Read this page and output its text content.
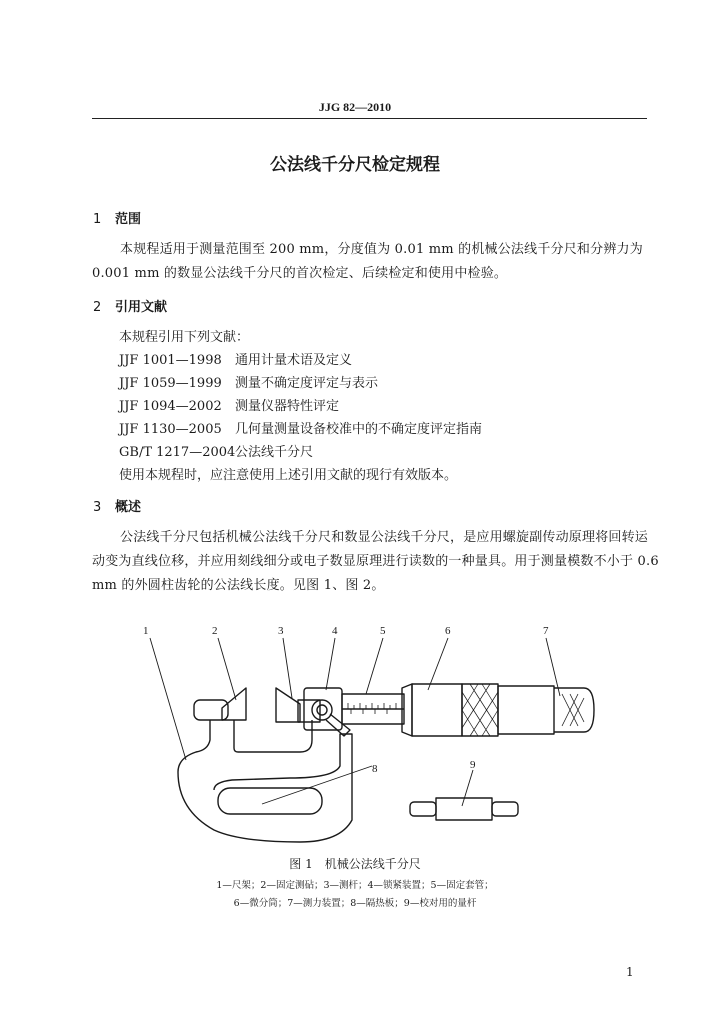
JJG 82—2010
公法线千分尺检定规程
1 范围
本规程适用于测量范围至 200 mm，分度值为 0.01 mm 的机械公法线千分尺和分辨力为 0.001 mm 的数显公法线千分尺的首次检定、后续检定和使用中检验。
2 引用文献
本规程引用下列文献：
JJF 1001—1998 通用计量术语及定义
JJF 1059—1999 测量不确定度评定与表示
JJF 1094—2002 测量仪器特性评定
JJF 1130—2005 几何量测量设备校准中的不确定度评定指南
GB/T 1217—2004公法线千分尺
使用本规程时，应注意使用上述引用文献的现行有效版本。
3 概述
公法线千分尺包括机械公法线千分尺和数显公法线千分尺，是应用螺旋副传动原理将回转运动变为直线位移，并应用刻线细分或电子数显原理进行读数的一种量具。用于测量模数不小于 0.6 mm 的外圆柱齿轮的公法线长度。见图 1、图 2。
1	2	3	4	5	6	7
8	9
图 1　机械公法线千分尺
1—尺架；2—固定测砧；3—测杆；4—锁紧装置；5—固定套管；
6—微分筒；7—测力装置；8—隔热板；9—校对用的量杆
1
